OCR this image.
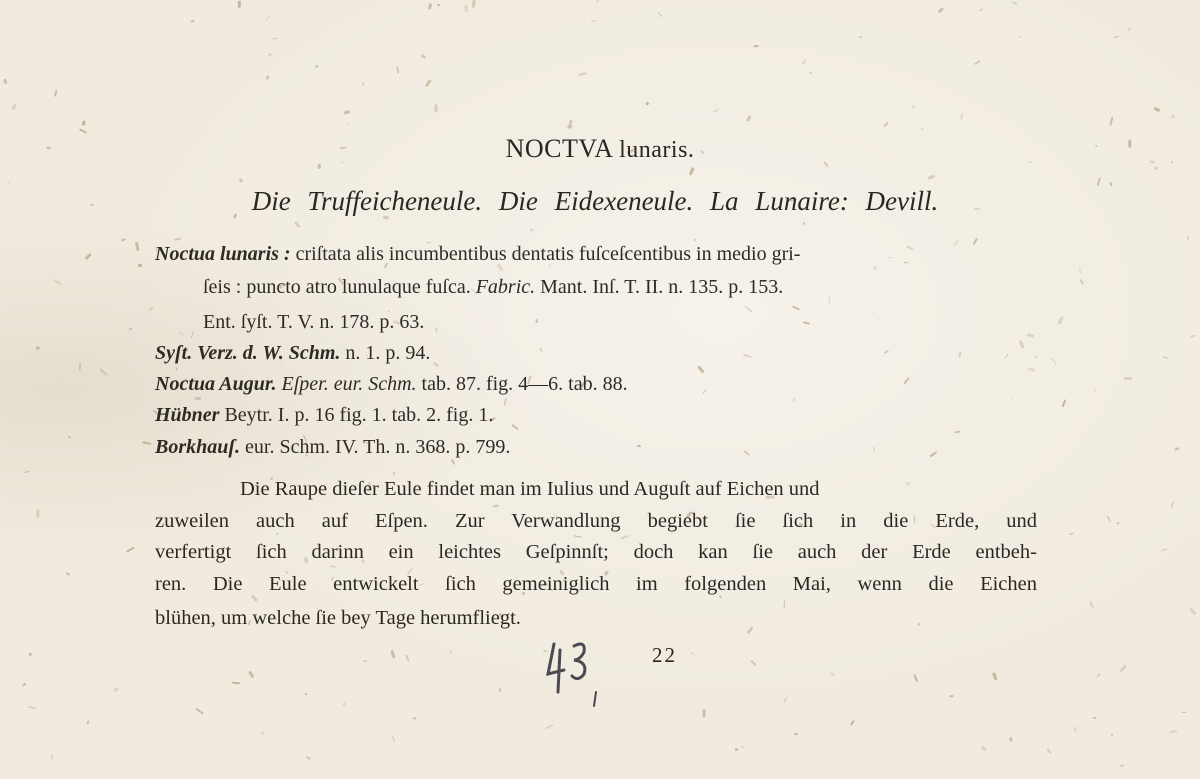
NOCTVA lunaris.
Die Truffeicheneule. Die Eidexeneule. La Lunaire: Devill.
Noctua lunaris : criſtata alis incumbentibus dentatis fuſceſcentibus in medio gri-
ſeis : puncto atro lunulaque fuſca. Fabric. Mant. Inſ. T. II. n. 135. p. 153.
Ent. ſyſt. T. V. n. 178. p. 63.
Syſt. Verz. d. W. Schm. n. 1. p. 94.
Noctua Augur. Eſper. eur. Schm. tab. 87. fig. 4—6. tab. 88.
Hübner Beytr. I. p. 16 fig. 1. tab. 2. fig. 1.
Borkhauſ. eur. Schm. IV. Th. n. 368. p. 799.
Die Raupe dieſer Eule findet man im Iulius und Auguſt auf Eichen und
zuweilen auch auf Eſpen. Zur Verwandlung begiebt ſie ſich in die Erde, und
verfertigt ſich darinn ein leichtes Geſpinnſt; doch kan ſie auch der Erde entbeh-
ren. Die Eule entwickelt ſich gemeiniglich im folgenden Mai, wenn die Eichen
blühen, um welche ſie bey Tage herumfliegt.
22
